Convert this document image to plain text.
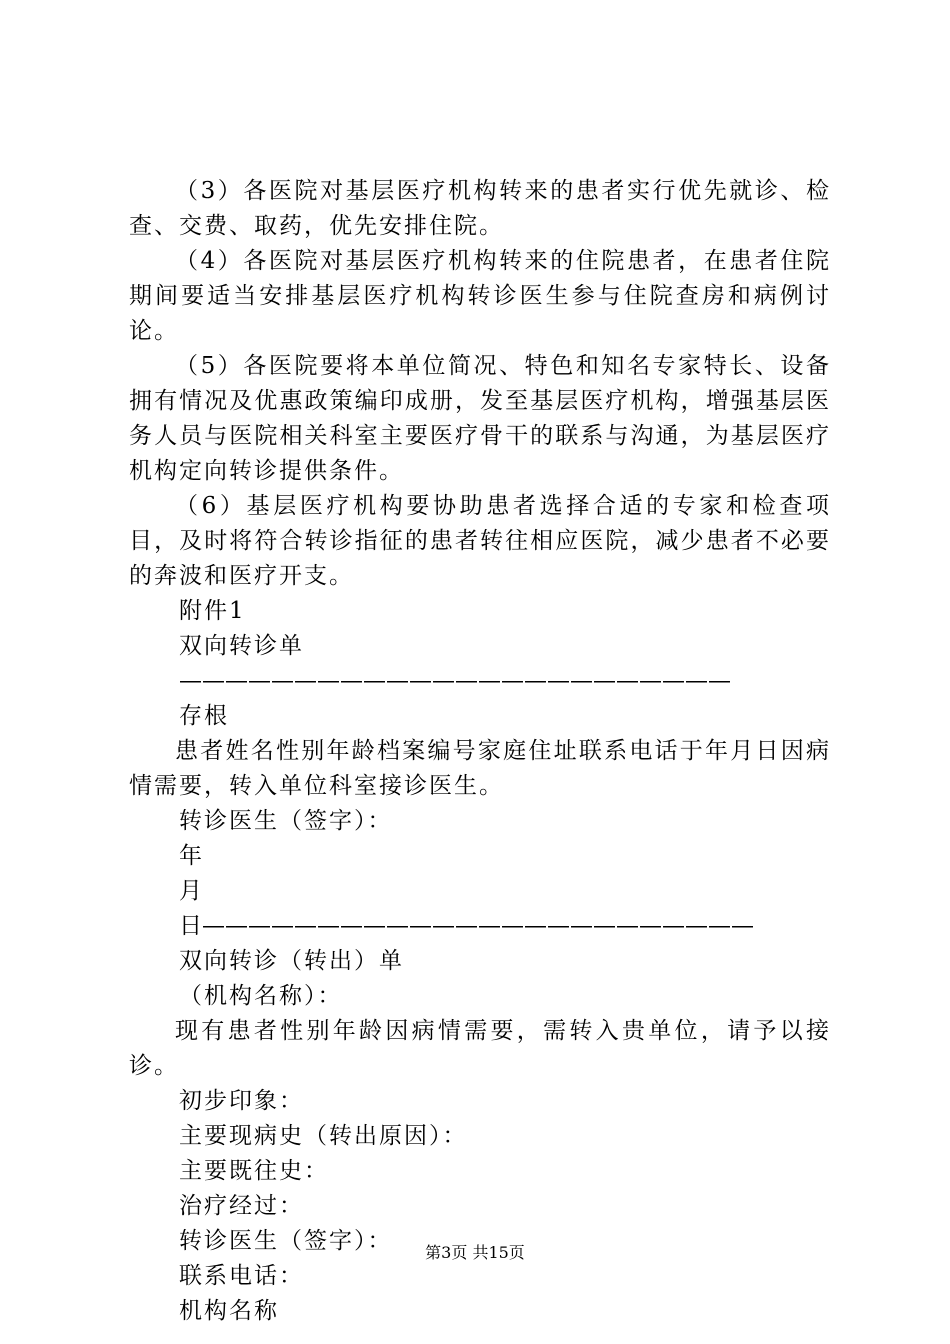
（3）各医院对基层医疗机构转来的患者实行优先就诊、检查、交费、取药，优先安排住院。

（4）各医院对基层医疗机构转来的住院患者，在患者住院期间要适当安排基层医疗机构转诊医生参与住院查房和病例讨论。

（5）各医院要将本单位简况、特色和知名专家特长、设备拥有情况及优惠政策编印成册，发至基层医疗机构，增强基层医务人员与医院相关科室主要医疗骨干的联系与沟通，为基层医疗机构定向转诊提供条件。

（6）基层医疗机构要协助患者选择合适的专家和检查项目，及时将符合转诊指征的患者转往相应医院，减少患者不必要的奔波和医疗开支。

附件1

双向转诊单

————————————————————————

存根

患者姓名性别年龄档案编号家庭住址联系电话于年月日因病情需要，转入单位科室接诊医生。

转诊医生（签字）：

年

月

日————————————————————————

双向转诊（转出）单

（机构名称）：

现有患者性别年龄因病情需要，需转入贵单位，请予以接诊。

初步印象：

主要现病史（转出原因）：

主要既往史：

治疗经过：

转诊医生（签字）：

联系电话：

机构名称

第3页 共15页
